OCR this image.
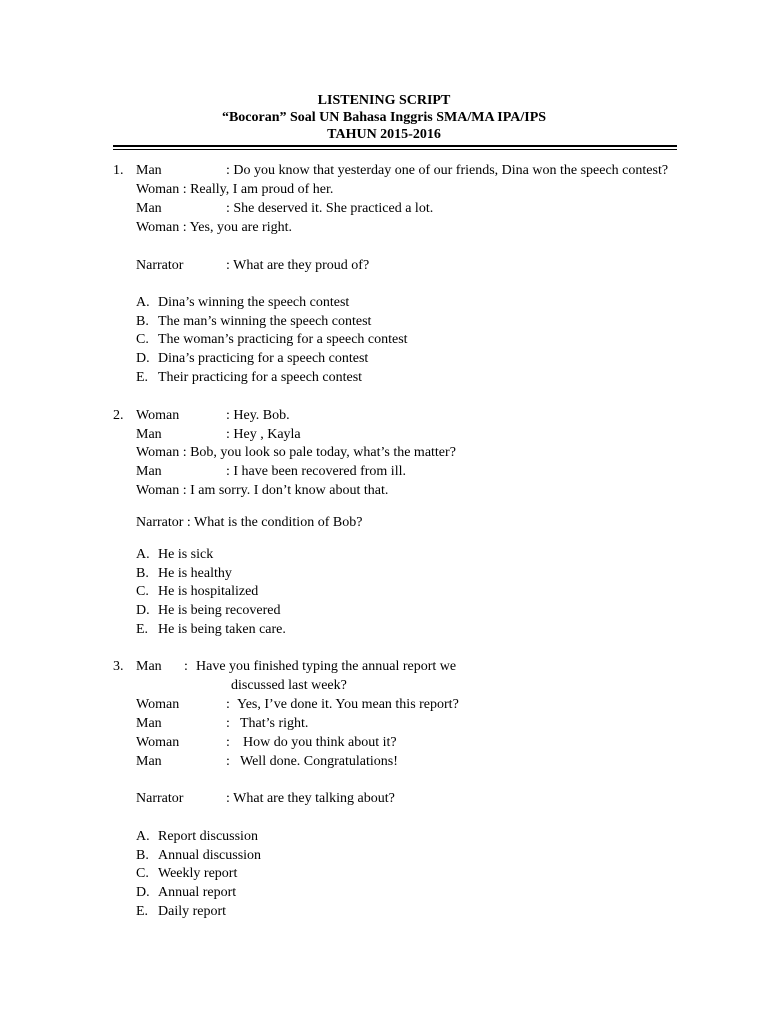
LISTENING SCRIPT
“Bocoran” Soal UN Bahasa Inggris SMA/MA IPA/IPS
TAHUN 2015-2016
1. Man	: Do you know that yesterday one of our friends, Dina won the speech contest?
Woman : Really, I am proud of her.
Man	: She deserved it. She practiced a lot.
Woman : Yes, you are right.
Narrator	: What are they proud of?
A. Dina’s winning the speech contest
B. The man’s winning the speech contest
C. The woman’s practicing for a speech contest
D. Dina’s practicing for a speech contest
E. Their practicing for a speech contest
2. Woman	: Hey. Bob.
Man	: Hey , Kayla
Woman : Bob, you look so pale today, what’s the matter?
Man	: I have been recovered from ill.
Woman : I am sorry. I don’t know about that.
Narrator : What is the condition of Bob?
A. He is sick
B. He is healthy
C. He is hospitalized
D. He is being recovered
E. He is being taken care.
3. Man : Have you finished typing the annual report we
discussed last week?
Woman	: Yes, I’ve done it. You mean this report?
Man	: That’s right.
Woman	: How do you think about it?
Man	: Well done. Congratulations!
Narrator	: What are they talking about?
A. Report discussion
B. Annual discussion
C. Weekly report
D. Annual report
E. Daily report
